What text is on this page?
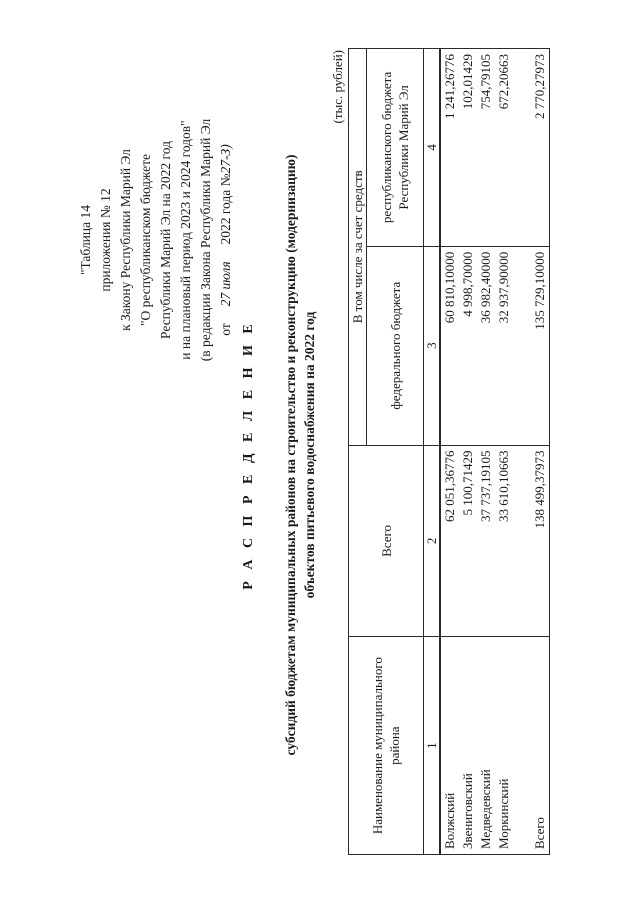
"Таблица 14 приложения № 12 к Закону Республики Марий Эл "О республиканском бюджете Республики Марий Эл на 2022 год и на плановый период 2023 и 2024 годов" (в редакции Закона Республики Марий Эл от     27 июля     2022 года №27-З)
Р А С П Р Е Д Е Л Е Н И Е субсидий бюджетам муниципальных районов на строительство и реконструкцию (модернизацию) объектов питьевого водоснабжения на 2022 год
(тыс. рублей)
Наименование муниципального района	Всего	В том числе за счет средств	
		федерального бюджета	республиканского бюджета Республики Марий Эл
1	2	3	4
Волжский	62 051,36776	60 810,10000	1 241,26776
Звениговский	5 100,71429	4 998,70000	102,01429
Медведевский	37 737,19105	36 982,40000	754,79105
Моркинский	33 610,10663	32 937,90000	672,20663

Всего	138 499,37973	135 729,10000	2 770,27973
